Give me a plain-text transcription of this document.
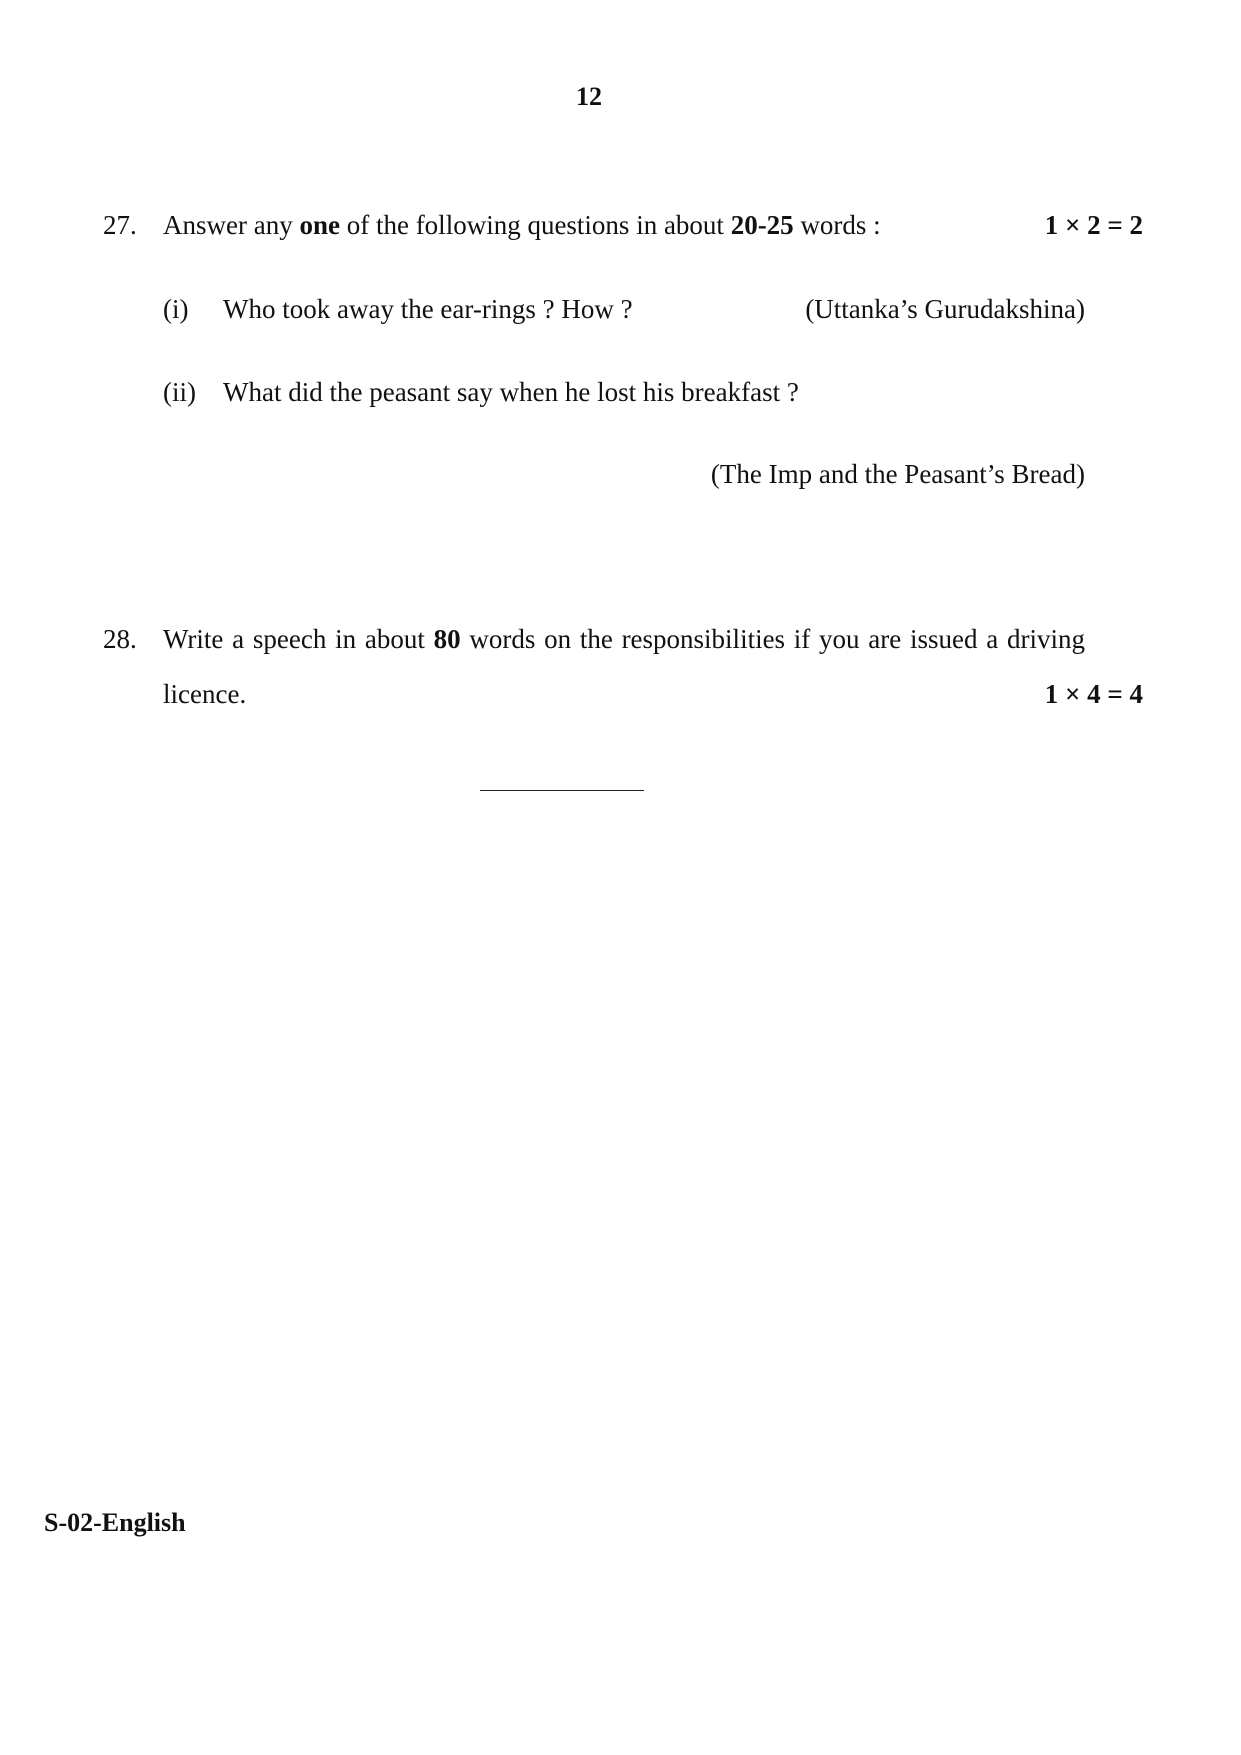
12
27. Answer any one of the following questions in about 20-25 words :	1 × 2 = 2
(i) Who took away the ear-rings ? How ?	(Uttanka’s Gurudakshina)
(ii) What did the peasant say when he lost his breakfast ?
(The Imp and the Peasant’s Bread)
28. Write a speech in about 80 words on the responsibilities if you are issued a driving
licence.	1 × 4 = 4
S-02-English
